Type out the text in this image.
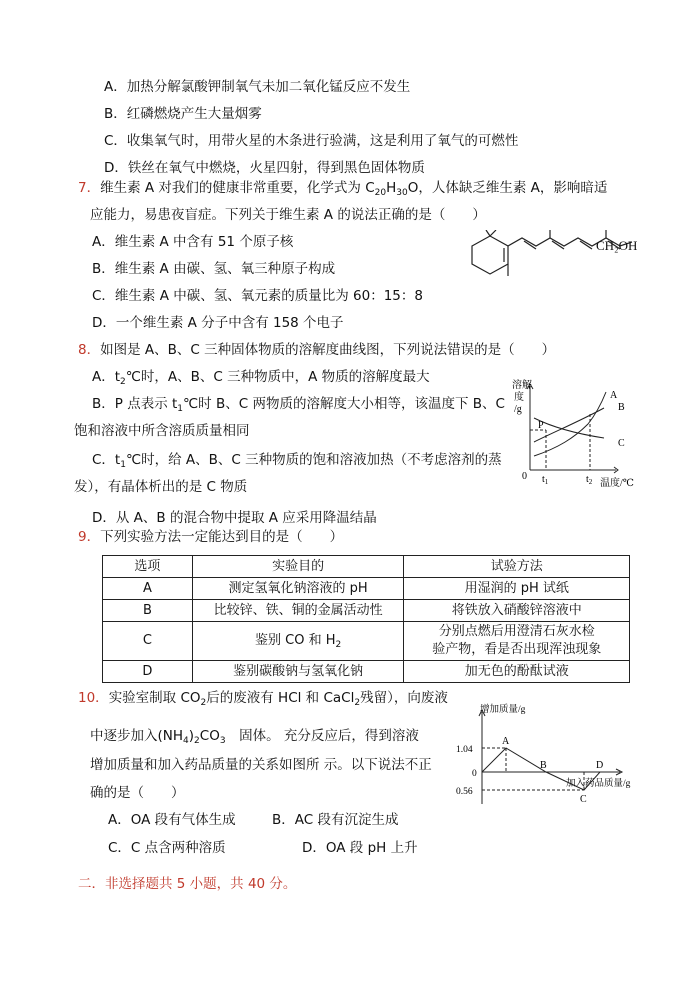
A．加热分解氯酸钾制氧气未加二氧化锰反应不发生
B．红磷燃烧产生大量烟雾
C．收集氧气时，用带火星的木条进行验满，这是利用了氧气的可燃性
D．铁丝在氧气中燃烧，火星四射，得到黑色固体物质
7．维生素 A 对我们的健康非常重要，化学式为 $C_{20}H_{30}O$，人体缺乏维生素 A，影响暗适
应能力，易患夜盲症。下列关于维生素 A 的说法正确的是（　　）
A．维生素 A 中含有 51 个原子核
B．维生素 A 由碳、氢、氧三种原子构成
C．维生素 A 中碳、氢、氧元素的质量比为 60：15：8
D．一个维生素 A 分子中含有 158 个电子
CH₂OH
8．如图是 A、B、C 三种固体物质的溶解度曲线图，下列说法错误的是（　　）
A．$t_2℃$时，A、B、C 三种物质中，A 物质的溶解度最大
B．P 点表示 $t_1℃$时 B、C 两物质的溶解度大小相等，该温度下 B、C
饱和溶液中所含溶质质量相同
C．$t_1℃$时，给 A、B、C 三种物质的饱和溶液加热（不考虑溶剂的蒸
发），有晶体析出的是 C 物质
D．从 A、B 的混合物中提取 A 应采用降温结晶
溶解
度
/g
0 $t_1$	$t_2$ 温度/℃
A
B
C
P
9．下列实验方法一定能达到目的是（　　）
选项	实验目的	试验方法
A	测定氢氧化钠溶液的 pH	用湿润的 pH 试纸
B	比较锌、铁、铜的金属活动性	将铁放入硝酸锌溶液中
C	鉴别 CO 和 $H_2$	分别点燃后用澄清石灰水检
验产物，看是否出现浑浊现象

D	鉴别碳酸钠与氢氧化钠	加无色的酚酞试液
10．实验室制取 $CO_2$后的废液有 HCl 和 CaCl$_2$残留），向废液
中逐步加入$(NH_4)_2CO_3$　固体。 充分反应后，得到溶液
增加质量和加入药品质量的关系如图所 示。以下说法不正
确的是（　　）
A．OA 段有气体生成	B．AC 段有沉淀生成
C．C 点含两种溶质	D．OA 段 pH 上升
增加质量/g
1.04
0
0.56
加入药品质量/g
A
B
C
D
二．非选择题共 5 小题，共 40 分。
